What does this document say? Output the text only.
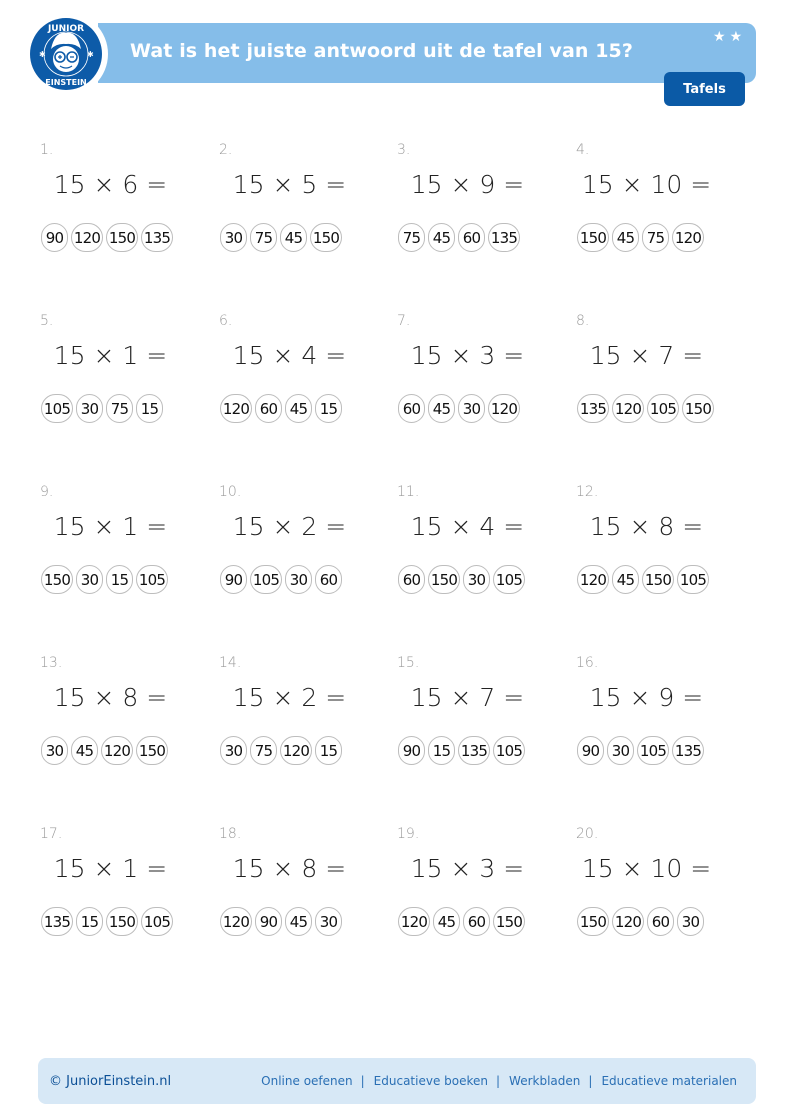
JUNIOR
EINSTEIN
✱	✱ Wat is het juiste antwoord uit de tafel van 15?
★ ★
Tafels
1.
15 × 6 =
90 120 150 135
2.
15 × 5 =
30 75 45 150
3.
15 × 9 =
75 45 60 135
4.
15 × 10 =
150 45 75 120
5.
15 × 1 =
105 30 75 15
6.
15 × 4 =
120 60 45 15
7.
15 × 3 =
60 45 30 120
8.
15 × 7 =
135 120 105 150
9.
15 × 1 =
150 30 15 105
10.
15 × 2 =
90 105 30 60
11.
15 × 4 =
60 150 30 105
12.
15 × 8 =
120 45 150 105
13.
15 × 8 =
30 45 120 150
14.
15 × 2 =
30 75 120 15
15.
15 × 7 =
90 15 135 105
16.
15 × 9 =
90 30 105 135
17.
15 × 1 =
135 15 150 105
18.
15 × 8 =
120 90 45 30
19.
15 × 3 =
120 45 60 150
20.
15 × 10 =
150 120 60 30
© JuniorEinstein.nl	Online oefenen | Educatieve boeken | Werkbladen | Educatieve materialen
